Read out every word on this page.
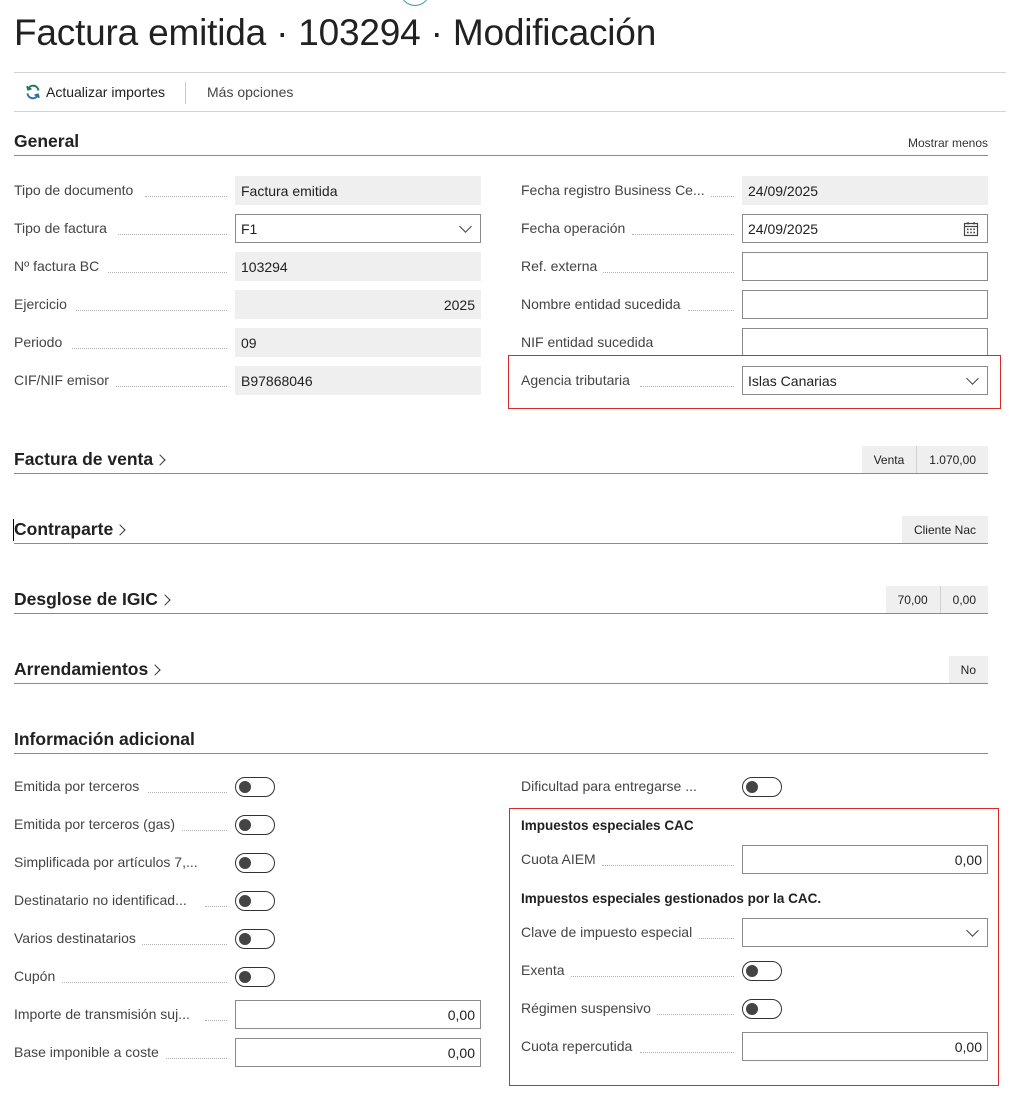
Factura emitida · 103294 · Modificación
Actualizar importes	Más opciones
General	Mostrar menos
Tipo de documento	Factura emitida
Tipo de factura	F1
Nº factura BC	103294
Ejercicio	2025
Periodo	09
CIF/NIF emisor	B97868046
Fecha registro Business Ce...	24/09/2025
Fecha operación	24/09/2025
Ref. externa
Nombre entidad sucedida
NIF entidad sucedida
Agencia tributaria	Islas Canarias
Factura de venta	Venta	1.070,00
Contraparte	Cliente Nac
Desglose de IGIC	70,00	0,00
Arrendamientos	No
Información adicional
Emitida por terceros
Emitida por terceros (gas)
Simplificada por artículos 7,...
Destinatario no identificad...
Varios destinatarios
Cupón
Importe de transmisión suj...	0,00
Base imponible a coste	0,00
Dificultad para entregarse ...
Impuestos especiales CAC
Cuota AIEM	0,00
Impuestos especiales gestionados por la CAC.
Clave de impuesto especial
Exenta
Régimen suspensivo
Cuota repercutida	0,00
